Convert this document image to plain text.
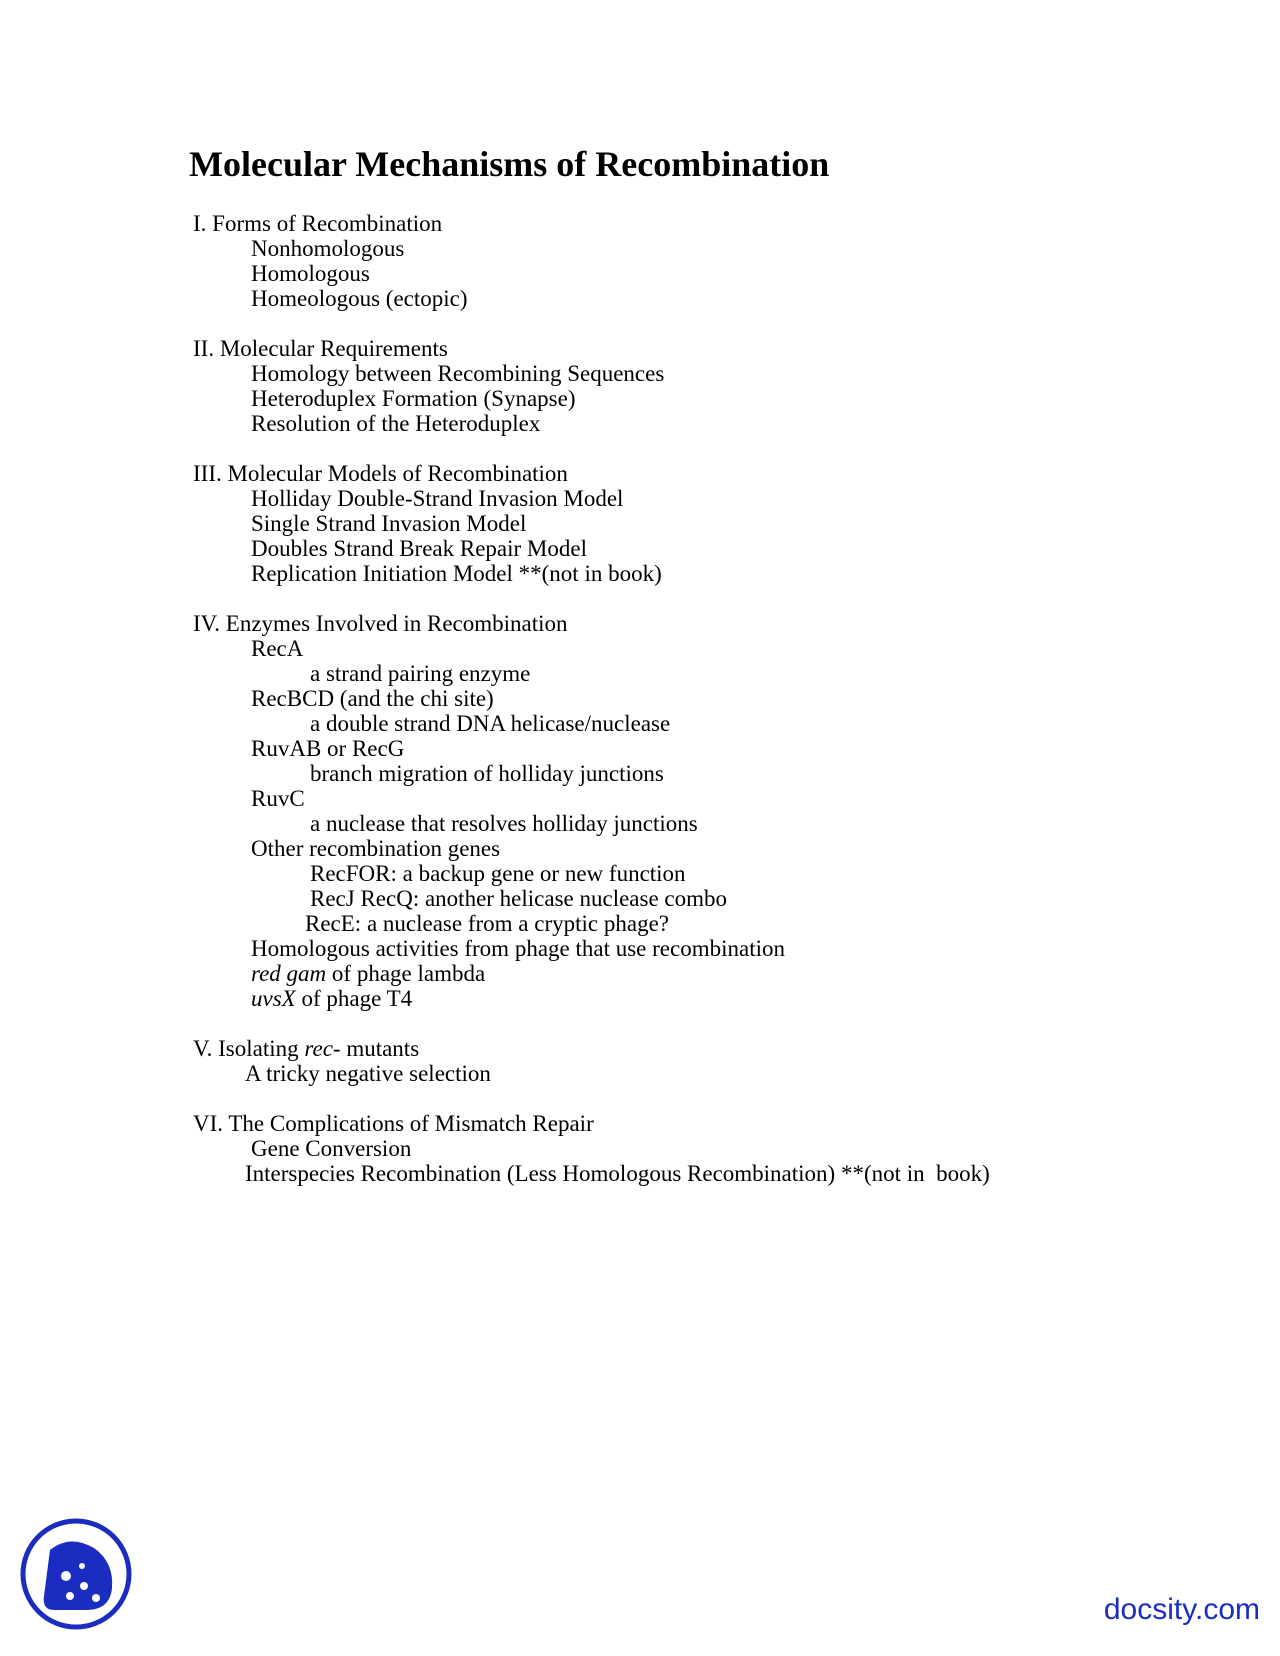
Molecular Mechanisms of Recombination
I. Forms of Recombination
Nonhomologous
Homologous
Homeologous (ectopic)
II. Molecular Requirements
Homology between Recombining Sequences
Heteroduplex Formation (Synapse)
Resolution of the Heteroduplex
III. Molecular Models of Recombination
Holliday Double-Strand Invasion Model
Single Strand Invasion Model
Doubles Strand Break Repair Model
Replication Initiation Model **(not in book)
IV. Enzymes Involved in Recombination
RecA
a strand pairing enzyme
RecBCD (and the chi site)
a double strand DNA helicase/nuclease
RuvAB or RecG
branch migration of holliday junctions
RuvC
a nuclease that resolves holliday junctions
Other recombination genes
RecFOR: a backup gene or new function
RecJ RecQ: another helicase nuclease combo
RecE: a nuclease from a cryptic phage?
Homologous activities from phage that use recombination
red gam of phage lambda
uvsX of phage T4
V. Isolating rec- mutants
A tricky negative selection
VI. The Complications of Mismatch Repair
Gene Conversion
Interspecies Recombination (Less Homologous Recombination) **(not in  book)
docsity.com
